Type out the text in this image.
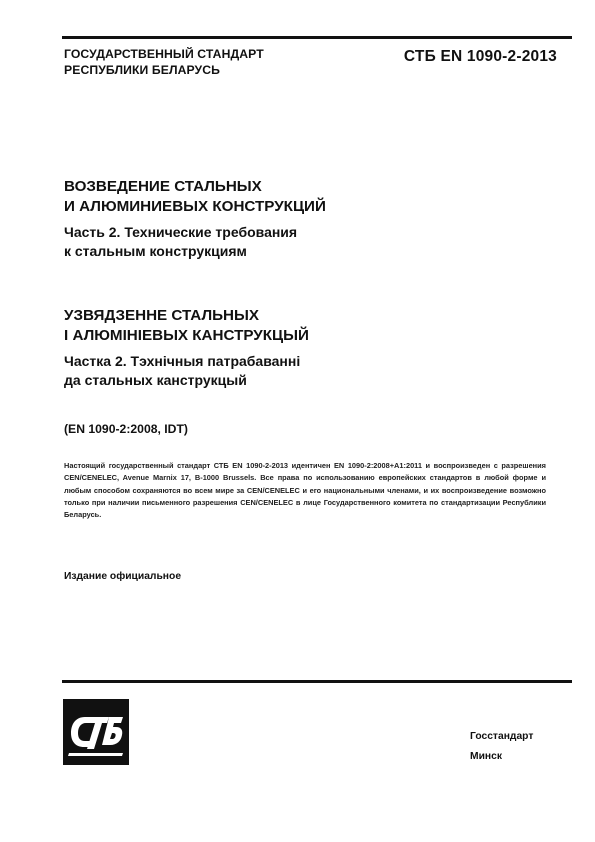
ГОСУДАРСТВЕННЫЙ СТАНДАРТ
РЕСПУБЛИКИ БЕЛАРУСЬ
СТБ EN 1090-2-2013

ВОЗВЕДЕНИЕ СТАЛЬНЫХ
И АЛЮМИНИЕВЫХ КОНСТРУКЦИЙ

Часть 2. Технические требования
к стальным конструкциям

УЗВЯДЗЕННЕ СТАЛЬНЫХ
І АЛЮМІНІЕВЫХ КАНСТРУКЦЫЙ

Частка 2. Тэхнічныя патрабаванні
да стальных канструкцый

(EN 1090-2:2008, IDT)
Настоящий государственный стандарт СТБ EN 1090-2-2013 идентичен EN 1090-2:2008+A1:2011 и воспроизведен с разрешения CEN/CENELEC, Avenue Marnix 17, B-1000 Brussels. Все права по использованию европейских стандартов в любой форме и любым способом сохраняются во всем мире за CEN/CENELEC и его национальными членами, и их воспроизведение возможно только при наличии письменного разрешения CEN/CENELEC в лице Государственного комитета по стандартизации Республики Беларусь.
Издание официальное
Госстандарт
Минск
